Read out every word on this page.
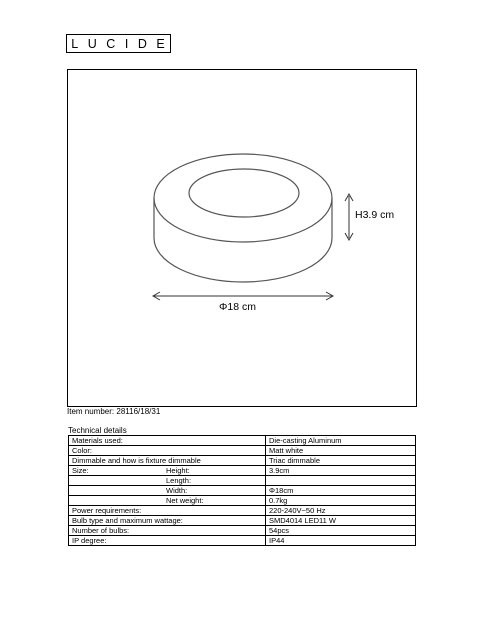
L U C I D E
H3.9 cm
Φ18 cm
Item number: 28116/18/31
Technical details
Materials used:		Die-casting Aluminum
Color:		Matt white
Dimmable and how is fixture dimmable		Triac dimmable
Size:	Height:	3.9cm
	Length:	
	Width:	Φ18cm
	Net weight:	0.7kg
Power requirements:		220-240V~50 Hz
Bulb type and maximum wattage:		SMD4014 LED11 W
Number of bulbs:		54pcs
IP degree:		IP44
